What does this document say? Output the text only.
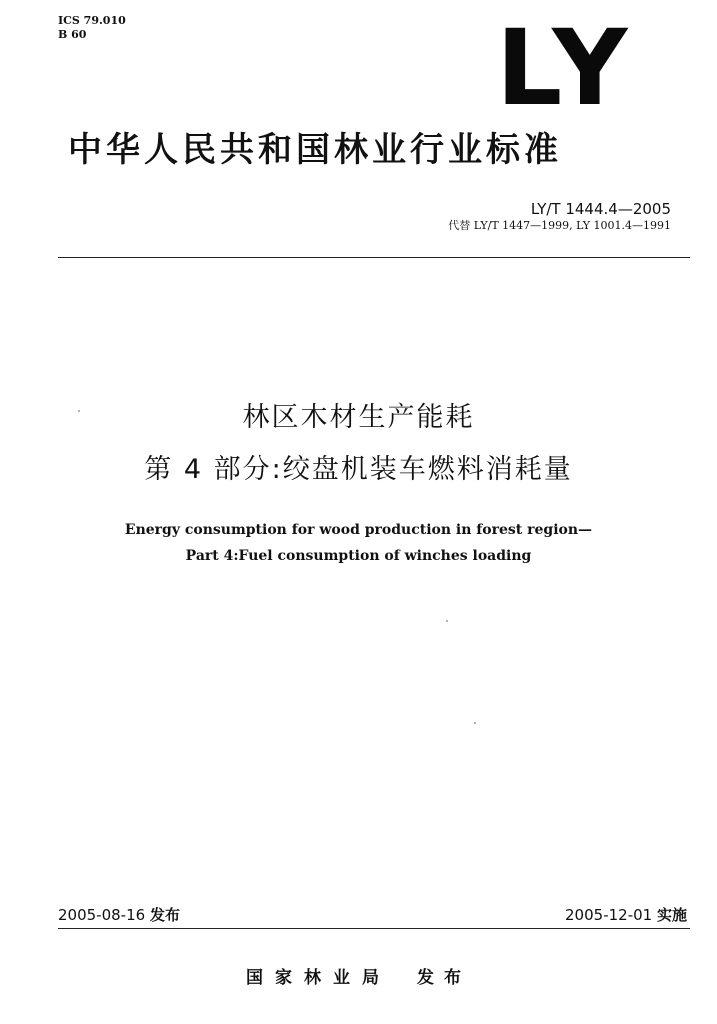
ICS 79.010
B 60	LY
中华人民共和国林业行业标准
LY/T 1444.4—2005
代替 LY/T 1447—1999, LY 1001.4—1991
林区木材生产能耗
第 4 部分:绞盘机装车燃料消耗量
Energy consumption for wood production in forest region—
Part 4:Fuel consumption of winches loading
2005-08-16 发布	2005-12-01 实施
国家林业局 发布
